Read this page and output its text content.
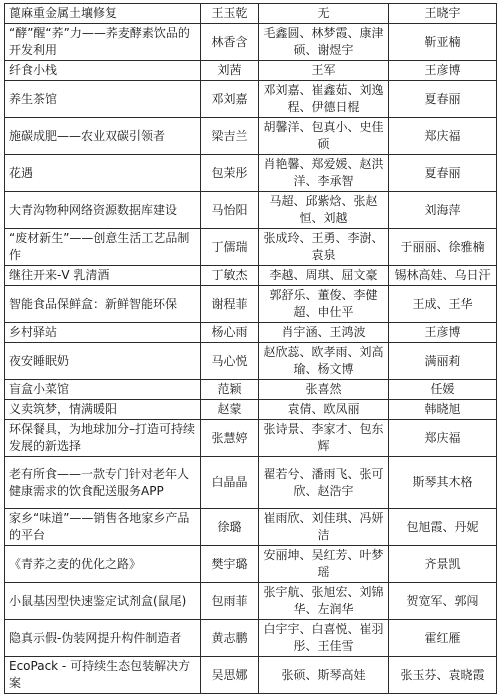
蓖麻重金属土壤修复	王玉乾	无	王晓宇
“酵”醒“荞”力——荞麦酵素饮品的开发利用	林香含	毛鑫圆、林梦霞、康津硕、谢煜宇	靳亚楠
纤食小栈	刘茜	王军	王彦博
养生茶馆	邓刘嘉	邓刘嘉、崔鑫茹、刘逸程、伊德日棍	夏春丽
施碳成肥——农业双碳引领者	梁吉兰	胡馨洋、包真小、史佳硕	郑庆福
花遇	包茉彤	肖艳馨、郑爱媛、赵洪洋、李承智	夏春丽
大青沟物种网络资源数据库建设	马怡阳	马超、邱紫焓、张赵恒、刘越	刘海萍
“废材新生”——创意生活工艺品制作	丁儒瑞	张成玲、王勇、李澍、袁泉	于丽丽、徐雅楠
继往开来-V 乳清酒	丁敏杰	李越、周琪、屈文豪	锡林高娃、乌日汗
智能食品保鲜盒：新鲜智能环保	谢程菲	郭舒乐、董俊、李健超、申仕平	王成、王华
乡村驿站	杨心雨	肖宇涵、王鸿波	王彦博
夜安睡眠奶	马心悦	赵欣蕊、欧孝雨、刘高瑜、杨文博	满丽莉
盲盒小菜馆	范颖	张喜然	任媛
义卖筑梦，情满暖阳	赵蒙	袁倩、欧凤丽	韩晓旭
环保餐具，为地球加分–打造可持续发展的新选择	张慧婷	张诗景、李家才、包东辉	郑庆福
老有所食——一款专门针对老年人健康需求的饮食配送服务APP	白晶晶	翟若兮、潘雨飞、张可欣、赵浩宇	斯琴其木格
家乡“味道”——销售各地家乡产品的平台	徐璐	崔雨欣、刘佳琪、冯妍洁	包旭霞、丹妮
《青荞之麦的优化之路》	樊宇璐	安丽坤、吴红芳、叶梦瑶	齐景凯
小鼠基因型快速鉴定试剂盒(鼠尾)	包雨菲	张宇航、张旭宏、刘锦华、左润华	贺宽军、郭闯
隐真示假-伪装网提升构件制造者	黄志鹏	白宇宇、白喜悦、崔羽彤、王佳雪	霍红雁
EcoPack - 可持续生态包装解决方案	吴思娜	张硕、斯琴高娃	张玉芬、袁晓霞
